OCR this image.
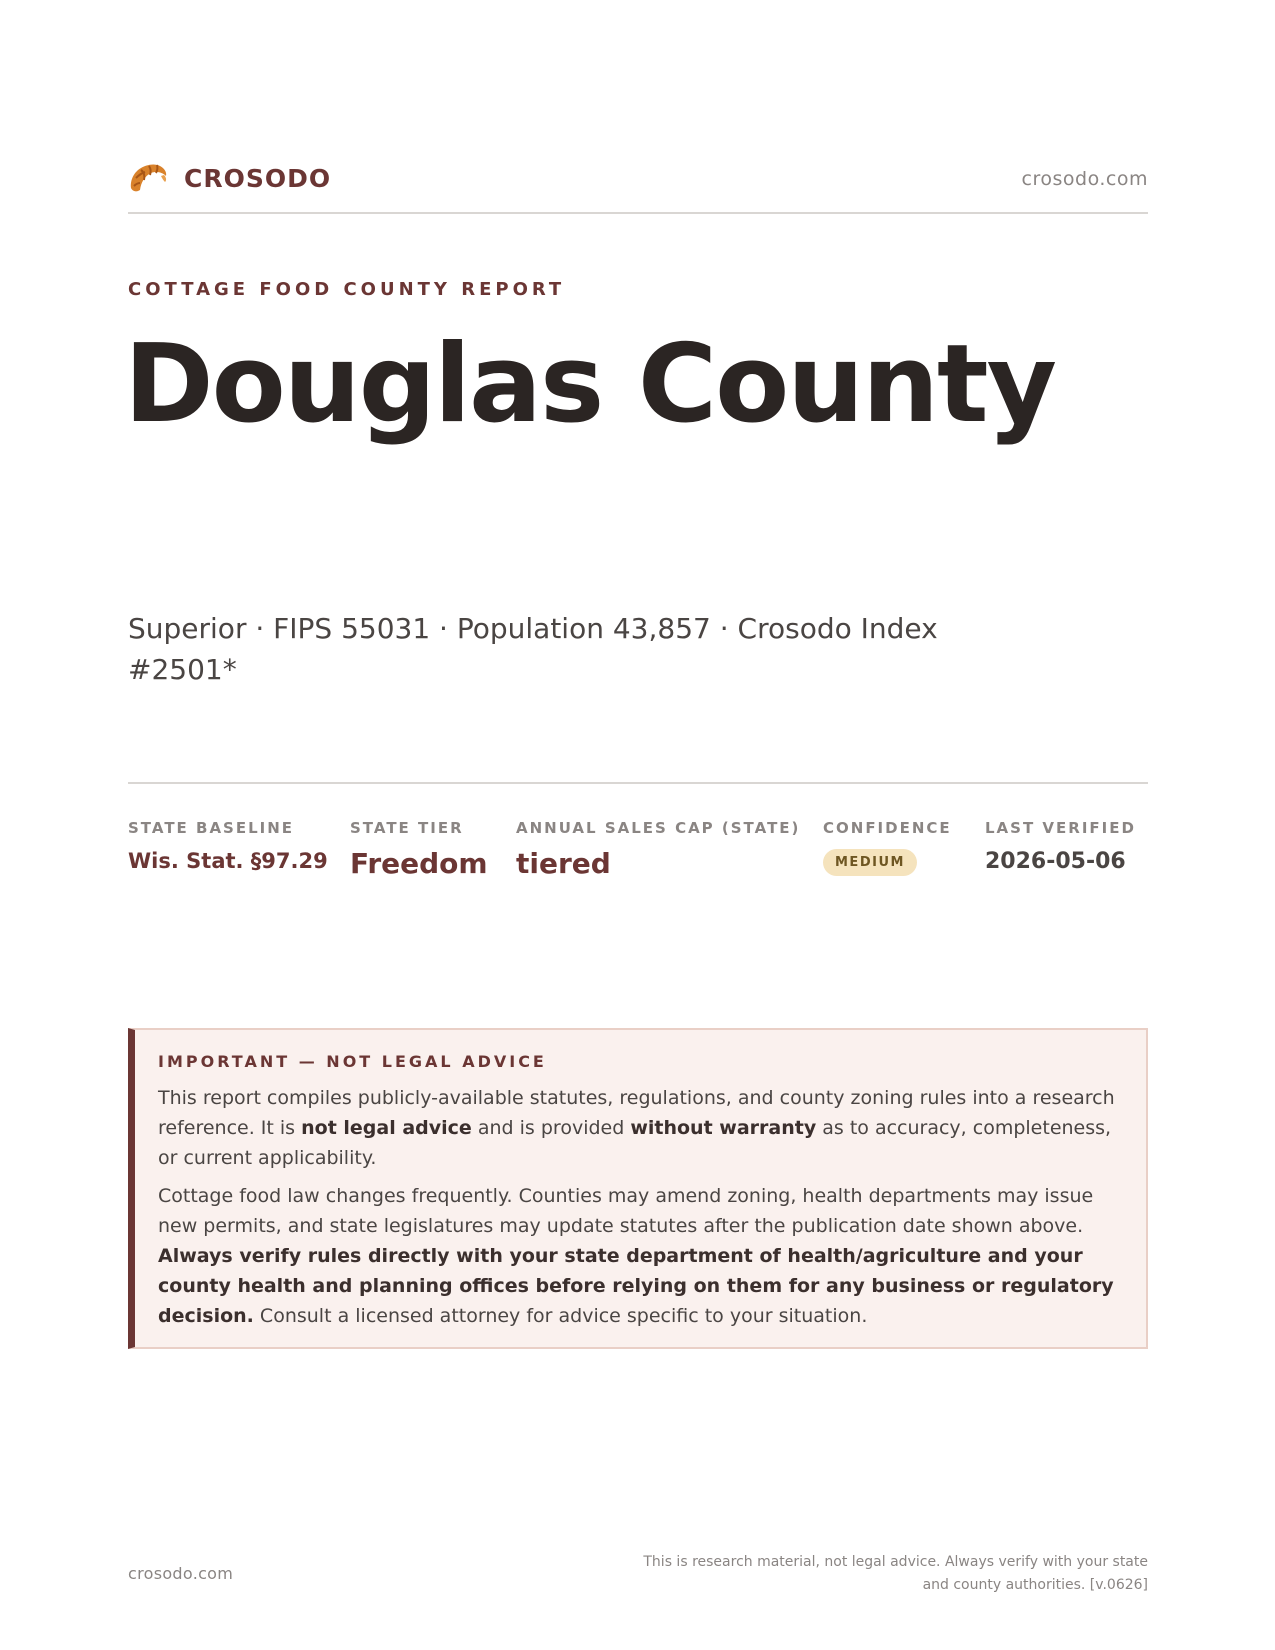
CROSODO	crosodo.com
COTTAGE FOOD COUNTY REPORT
Douglas County
Superior · FIPS 55031 · Population 43,857 · Crosodo Index #2501*
STATE BASELINE
Wis. Stat. §97.29
STATE TIER
Freedom
ANNUAL SALES CAP (STATE)
tiered
CONFIDENCE
MEDIUM
LAST VERIFIED
2026-05-06
IMPORTANT — NOT LEGAL ADVICE

This report compiles publicly-available statutes, regulations, and county zoning rules into a research reference. It is not legal advice and is provided without warranty as to accuracy, completeness, or current applicability.

Cottage food law changes frequently. Counties may amend zoning, health departments may issue new permits, and state legislatures may update statutes after the publication date shown above. Always verify rules directly with your state department of health/agriculture and your county health and planning offices before relying on them for any business or regulatory decision. Consult a licensed attorney for advice specific to your situation.

crosodo.com
This is research material, not legal advice. Always verify with your state
and county authorities. [v.0626]
